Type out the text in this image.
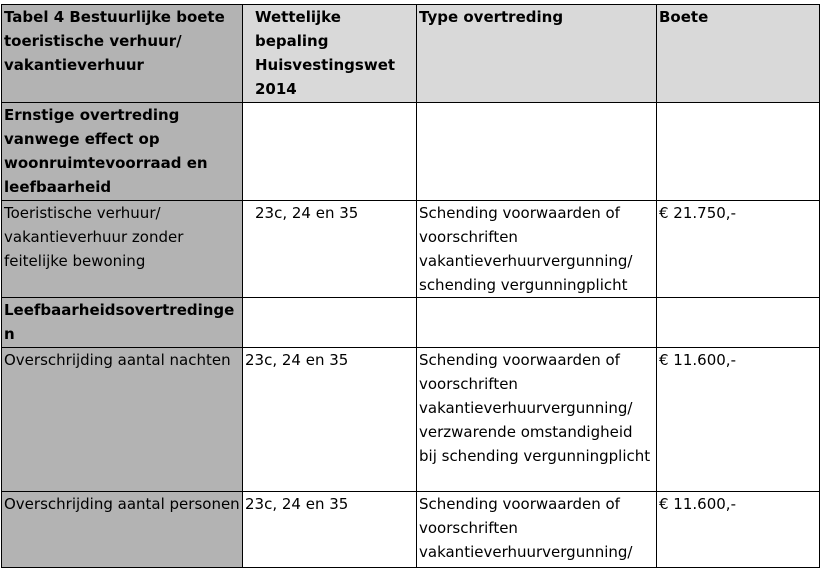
Tabel 4 Bestuurlijke boete toeristische verhuur/ vakantieverhuur	Wettelijke bepaling Huisvestingswet 2014	Type overtreding	Boete

Ernstige overtreding vanwege effect op woonruimtevoorraad en leefbaarheid			

Toeristische verhuur/ vakantieverhuur zonder feitelijke bewoning	23c, 24 en 35	Schending voorwaarden of voorschriften vakantieverhuurvergunning/ schending vergunningplicht	€ 21.750,-

Leefbaarheidsovertredinge n			

Overschrijding aantal nachten	23c, 24 en 35	Schending voorwaarden of voorschriften vakantieverhuurvergunning/ verzwarende omstandigheid bij schending vergunningplicht	€ 11.600,-

Overschrijding aantal personen	23c, 24 en 35	Schending voorwaarden of voorschriften vakantieverhuurvergunning/	€ 11.600,-
